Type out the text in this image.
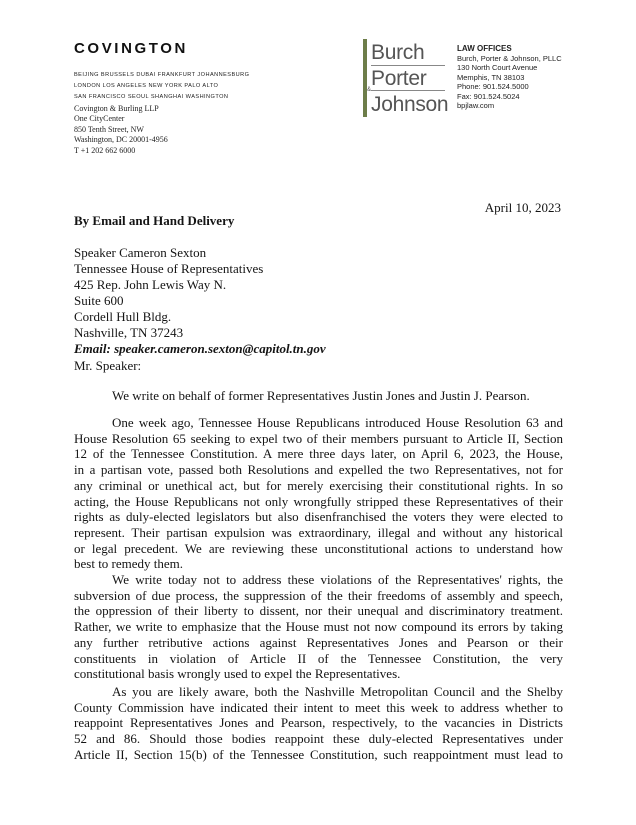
COVINGTON
BEIJING BRUSSELS DUBAI FRANKFURT JOHANNESBURG
LONDON LOS ANGELES NEW YORK PALO ALTO
SAN FRANCISCO SEOUL SHANGHAI WASHINGTON
Covington & Burling LLP
One CityCenter
850 Tenth Street, NW
Washington, DC 20001-4956
T +1 202 662 6000
Burch
Porter
&
Johnson
LAW OFFICES
Burch, Porter & Johnson, PLLC
130 North Court Avenue
Memphis, TN 38103
Phone: 901.524.5000
Fax: 901.524.5024
bpjlaw.com
April 10, 2023
By Email and Hand Delivery
Speaker Cameron Sexton
Tennessee House of Representatives
425 Rep. John Lewis Way N.
Suite 600
Cordell Hull Bldg.
Nashville, TN 37243
Email: speaker.cameron.sexton@capitol.tn.gov
Mr. Speaker:
We write on behalf of former Representatives Justin Jones and Justin J. Pearson.
One week ago, Tennessee House Republicans introduced House Resolution 63 and
House Resolution 65 seeking to expel two of their members pursuant to Article II, Section
12 of the Tennessee Constitution. A mere three days later, on April 6, 2023, the House,
in a partisan vote, passed both Resolutions and expelled the two Representatives, not for
any criminal or unethical act, but for merely exercising their constitutional rights. In so
acting, the House Republicans not only wrongfully stripped these Representatives of their
rights as duly-elected legislators but also disenfranchised the voters they were elected to
represent. Their partisan expulsion was extraordinary, illegal and without any historical
or legal precedent. We are reviewing these unconstitutional actions to understand how
best to remedy them.
We write today not to address these violations of the Representatives' rights, the
subversion of due process, the suppression of the their freedoms of assembly and speech,
the oppression of their liberty to dissent, nor their unequal and discriminatory treatment.
Rather, we write to emphasize that the House must not now compound its errors by taking
any further retributive actions against Representatives Jones and Pearson or their
constituents in violation of Article II of the Tennessee Constitution, the very
constitutional basis wrongly used to expel the Representatives.
As you are likely aware, both the Nashville Metropolitan Council and the Shelby
County Commission have indicated their intent to meet this week to address whether to
reappoint Representatives Jones and Pearson, respectively, to the vacancies in Districts
52 and 86. Should those bodies reappoint these duly-elected Representatives under
Article II, Section 15(b) of the Tennessee Constitution, such reappointment must lead to
